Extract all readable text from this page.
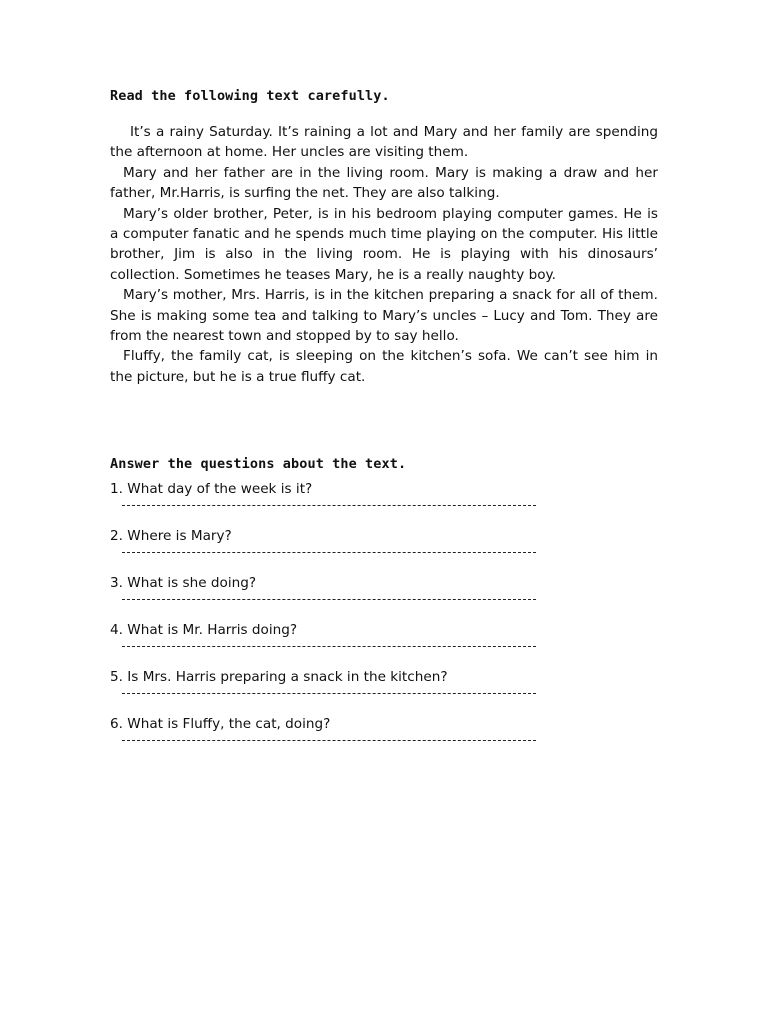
Read the following text carefully.

It’s a rainy Saturday. It’s raining a lot and Mary and her family are spending the afternoon at home. Her uncles are visiting them.

Mary and her father are in the living room. Mary is making a draw and her father, Mr.Harris, is surfing the net. They are also talking.

Mary’s older brother, Peter, is in his bedroom playing computer games. He is a computer fanatic and he spends much time playing on the computer. His little brother, Jim is also in the living room. He is playing with his dinosaurs’ collection. Sometimes he teases Mary, he is a really naughty boy.

Mary’s mother, Mrs. Harris, is in the kitchen preparing a snack for all of them. She is making some tea and talking to Mary’s uncles – Lucy and Tom. They are from the nearest town and stopped by to say hello.

Fluffy, the family cat, is sleeping on the kitchen’s sofa. We can’t see him in the picture, but he is a true fluffy cat.

Answer the questions about the text.

1. What day of the week is it?

2. Where is Mary?

3. What is she doing?

4. What is Mr. Harris doing?

5. Is Mrs. Harris preparing a snack in the kitchen?

6. What is Fluffy, the cat, doing?
